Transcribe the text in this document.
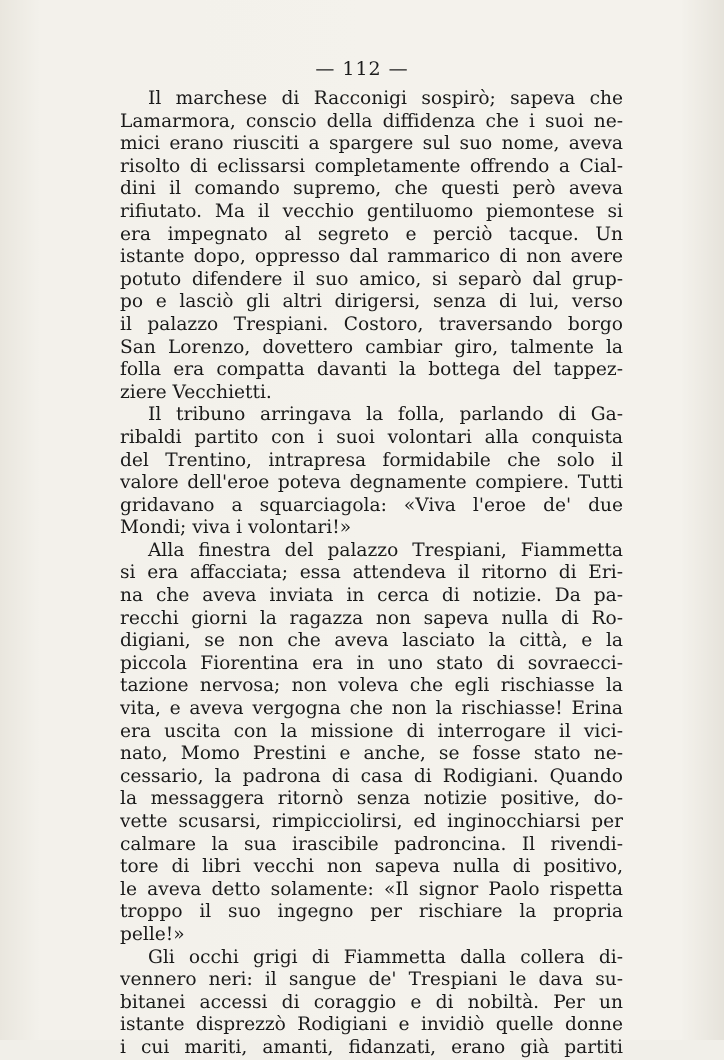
— 112 —
Il marchese di Racconigi sospirò; sapeva che
Lamarmora, conscio della diffidenza che i suoi ne-
mici erano riusciti a spargere sul suo nome, aveva
risolto di eclissarsi completamente offrendo a Cial-
dini il comando supremo, che questi però aveva
rifiutato. Ma il vecchio gentiluomo piemontese si
era impegnato al segreto e perciò tacque. Un
istante dopo, oppresso dal rammarico di non avere
potuto difendere il suo amico, si separò dal grup-
po e lasciò gli altri dirigersi, senza di lui, verso
il palazzo Trespiani. Costoro, traversando borgo
San Lorenzo, dovettero cambiar giro, talmente la
folla era compatta davanti la bottega del tappez-
ziere Vecchietti.
Il tribuno arringava la folla, parlando di Ga-
ribaldi partito con i suoi volontari alla conquista
del Trentino, intrapresa formidabile che solo il
valore dell'eroe poteva degnamente compiere. Tutti
gridavano a squarciagola: «Viva l'eroe de' due
Mondi; viva i volontari!»
Alla finestra del palazzo Trespiani, Fiammetta
si era affacciata; essa attendeva il ritorno di Eri-
na che aveva inviata in cerca di notizie. Da pa-
recchi giorni la ragazza non sapeva nulla di Ro-
digiani, se non che aveva lasciato la città, e la
piccola Fiorentina era in uno stato di sovraecci-
tazione nervosa; non voleva che egli rischiasse la
vita, e aveva vergogna che non la rischiasse! Erina
era uscita con la missione di interrogare il vici-
nato, Momo Prestini e anche, se fosse stato ne-
cessario, la padrona di casa di Rodigiani. Quando
la messaggera ritornò senza notizie positive, do-
vette scusarsi, rimpicciolirsi, ed inginocchiarsi per
calmare la sua irascibile padroncina. Il rivendi-
tore di libri vecchi non sapeva nulla di positivo,
le aveva detto solamente: «Il signor Paolo rispetta
troppo il suo ingegno per rischiare la propria
pelle!»
Gli occhi grigi di Fiammetta dalla collera di-
vennero neri: il sangue de' Trespiani le dava su-
bitanei accessi di coraggio e di nobiltà. Per un
istante disprezzò Rodigiani e invidiò quelle donne
i cui mariti, amanti, fidanzati, erano già partiti
